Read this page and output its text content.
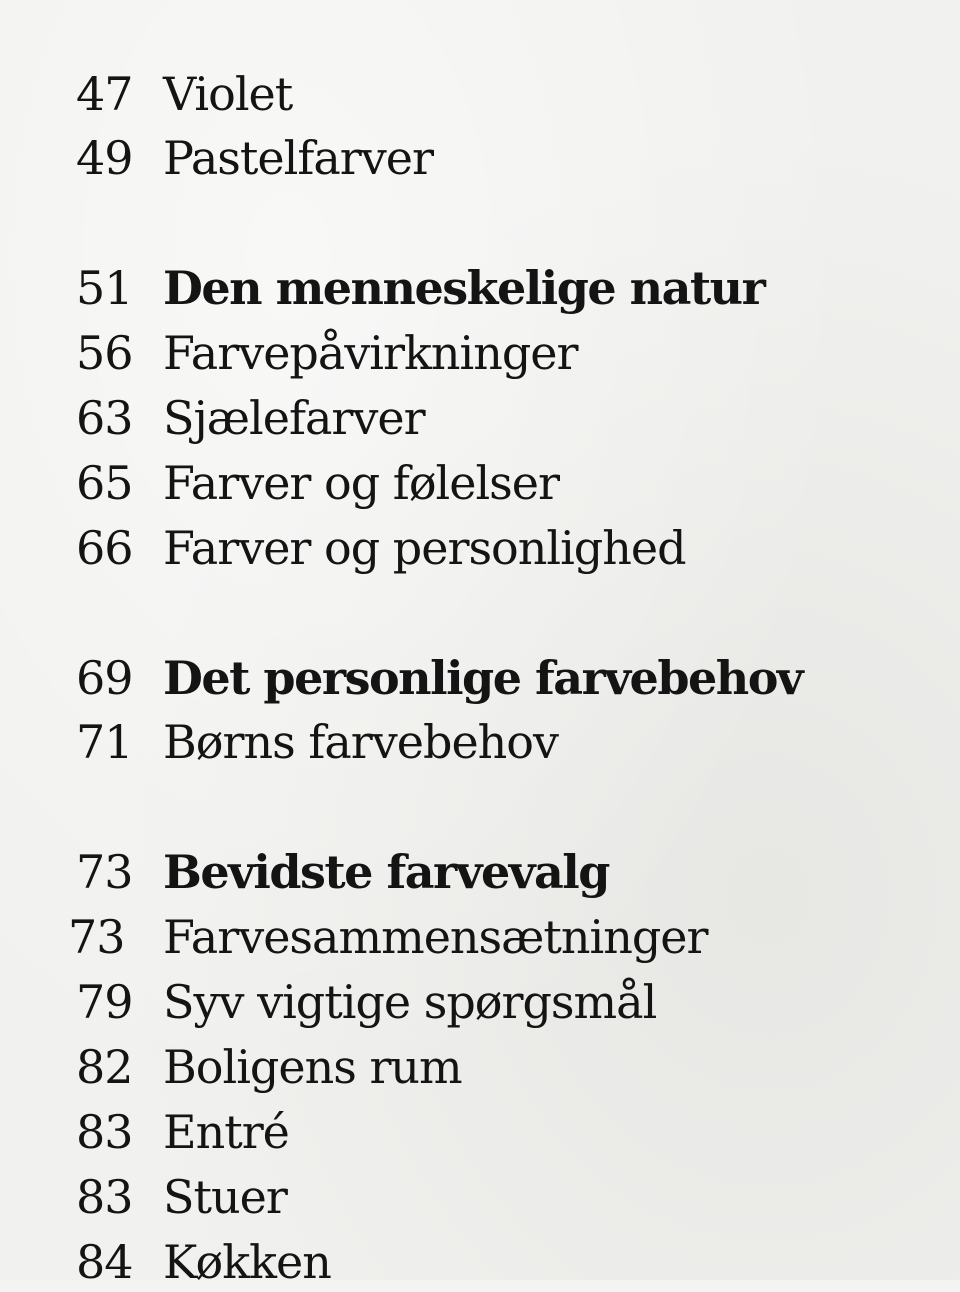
47 Violet
49 Pastelfarver
51 Den menneskelige natur
56 Farvepåvirkninger
63 Sjælefarver
65 Farver og følelser
66 Farver og personlighed
69 Det personlige farvebehov
71 Børns farvebehov
73 Bevidste farvevalg
73 Farvesammensætninger
79 Syv vigtige spørgsmål
82 Boligens rum
83 Entré
83 Stuer
84 Køkken
